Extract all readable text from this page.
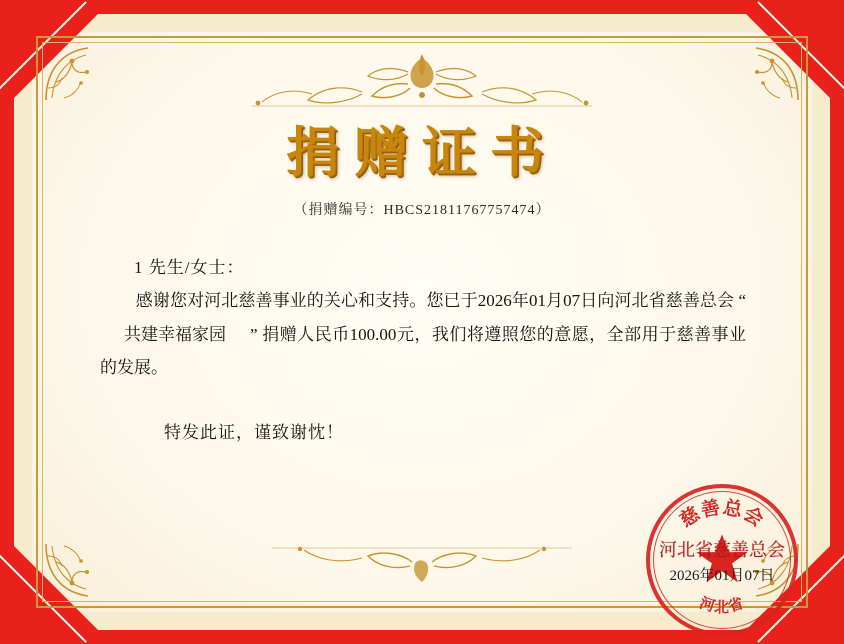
捐赠证书
（捐赠编号：HBCS21811767757474）
1 先生/女士：
感谢您对河北慈善事业的关心和支持。您已于2026年01月07日向河北省慈善总会 “共建幸福家园 ” 捐赠人民币100.00元，我们将遵照您的意愿，全部用于慈善事业的发展。
特发此证，谨致谢忱！
慈善总会
河北省
河北省慈善总会
2026年01月07日
